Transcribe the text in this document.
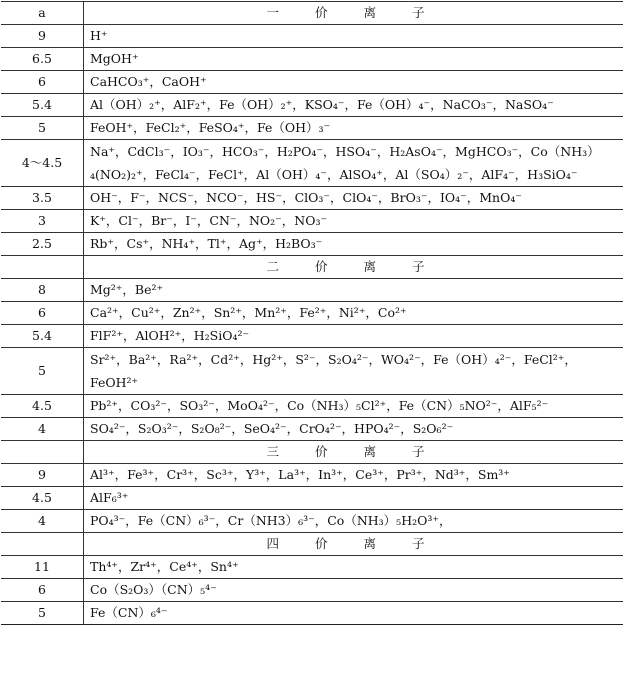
a	一 价 离 子
9	H⁺
6.5	MgOH⁺
6	CaHCO₃⁺，CaOH⁺
5.4	Al（OH）₂⁺，AlF₂⁺，Fe（OH）₂⁺，KSO₄⁻，Fe（OH）₄⁻，NaCO₃⁻，NaSO₄⁻
5	FeOH⁺，FeCl₂⁺，FeSO₄⁺，Fe（OH）₃⁻
4～4.5	Na⁺，CdCl₃⁻，IO₃⁻，HCO₃⁻，H₂PO₄⁻，HSO₄⁻，H₂AsO₄⁻，MgHCO₃⁻，Co（NH₃）₄(NO₂)₂⁺，FeCl₄⁻，FeCl⁺，Al（OH）₄⁻，AlSO₄⁺，Al（SO₄）₂⁻，AlF₄⁻，H₃SiO₄⁻
3.5	OH⁻，F⁻，NCS⁻，NCO⁻，HS⁻，ClO₃⁻，ClO₄⁻，BrO₃⁻，IO₄⁻，MnO₄⁻
3	K⁺，Cl⁻，Br⁻，I⁻，CN⁻，NO₂⁻，NO₃⁻
2.5	Rb⁺，Cs⁺，NH₄⁺，Tl⁺，Ag⁺，H₂BO₃⁻
	二 价 离 子
8	Mg²⁺，Be²⁺
6	Ca²⁺，Cu²⁺，Zn²⁺，Sn²⁺，Mn²⁺，Fe²⁺，Ni²⁺，Co²⁺
5.4	FlF²⁺，AlOH²⁺，H₂SiO₄²⁻
5	Sr²⁺，Ba²⁺，Ra²⁺，Cd²⁺，Hg²⁺，S²⁻，S₂O₄²⁻，WO₄²⁻，Fe（OH）₄²⁻，FeCl²⁺，FeOH²⁺
4.5	Pb²⁺，CO₃²⁻，SO₃²⁻，MoO₄²⁻，Co（NH₃）₅Cl²⁺，Fe（CN）₅NO²⁻，AlF₅²⁻
4	SO₄²⁻，S₂O₃²⁻，S₂O₈²⁻，SeO₄²⁻，CrO₄²⁻，HPO₄²⁻，S₂O₆²⁻
	三 价 离 子
9	Al³⁺，Fe³⁺，Cr³⁺，Sc³⁺，Y³⁺，La³⁺，In³⁺，Ce³⁺，Pr³⁺，Nd³⁺，Sm³⁺
4.5	AlF₆³⁺
4	PO₄³⁻，Fe（CN）₆³⁻，Cr（NH3）₆³⁻，Co（NH₃）₅H₂O³⁺，
	四 价 离 子
11	Th⁴⁺，Zr⁴⁺，Ce⁴⁺，Sn⁴⁺
6	Co（S₂O₃）（CN）₅⁴⁻
5	Fe（CN）₆⁴⁻
